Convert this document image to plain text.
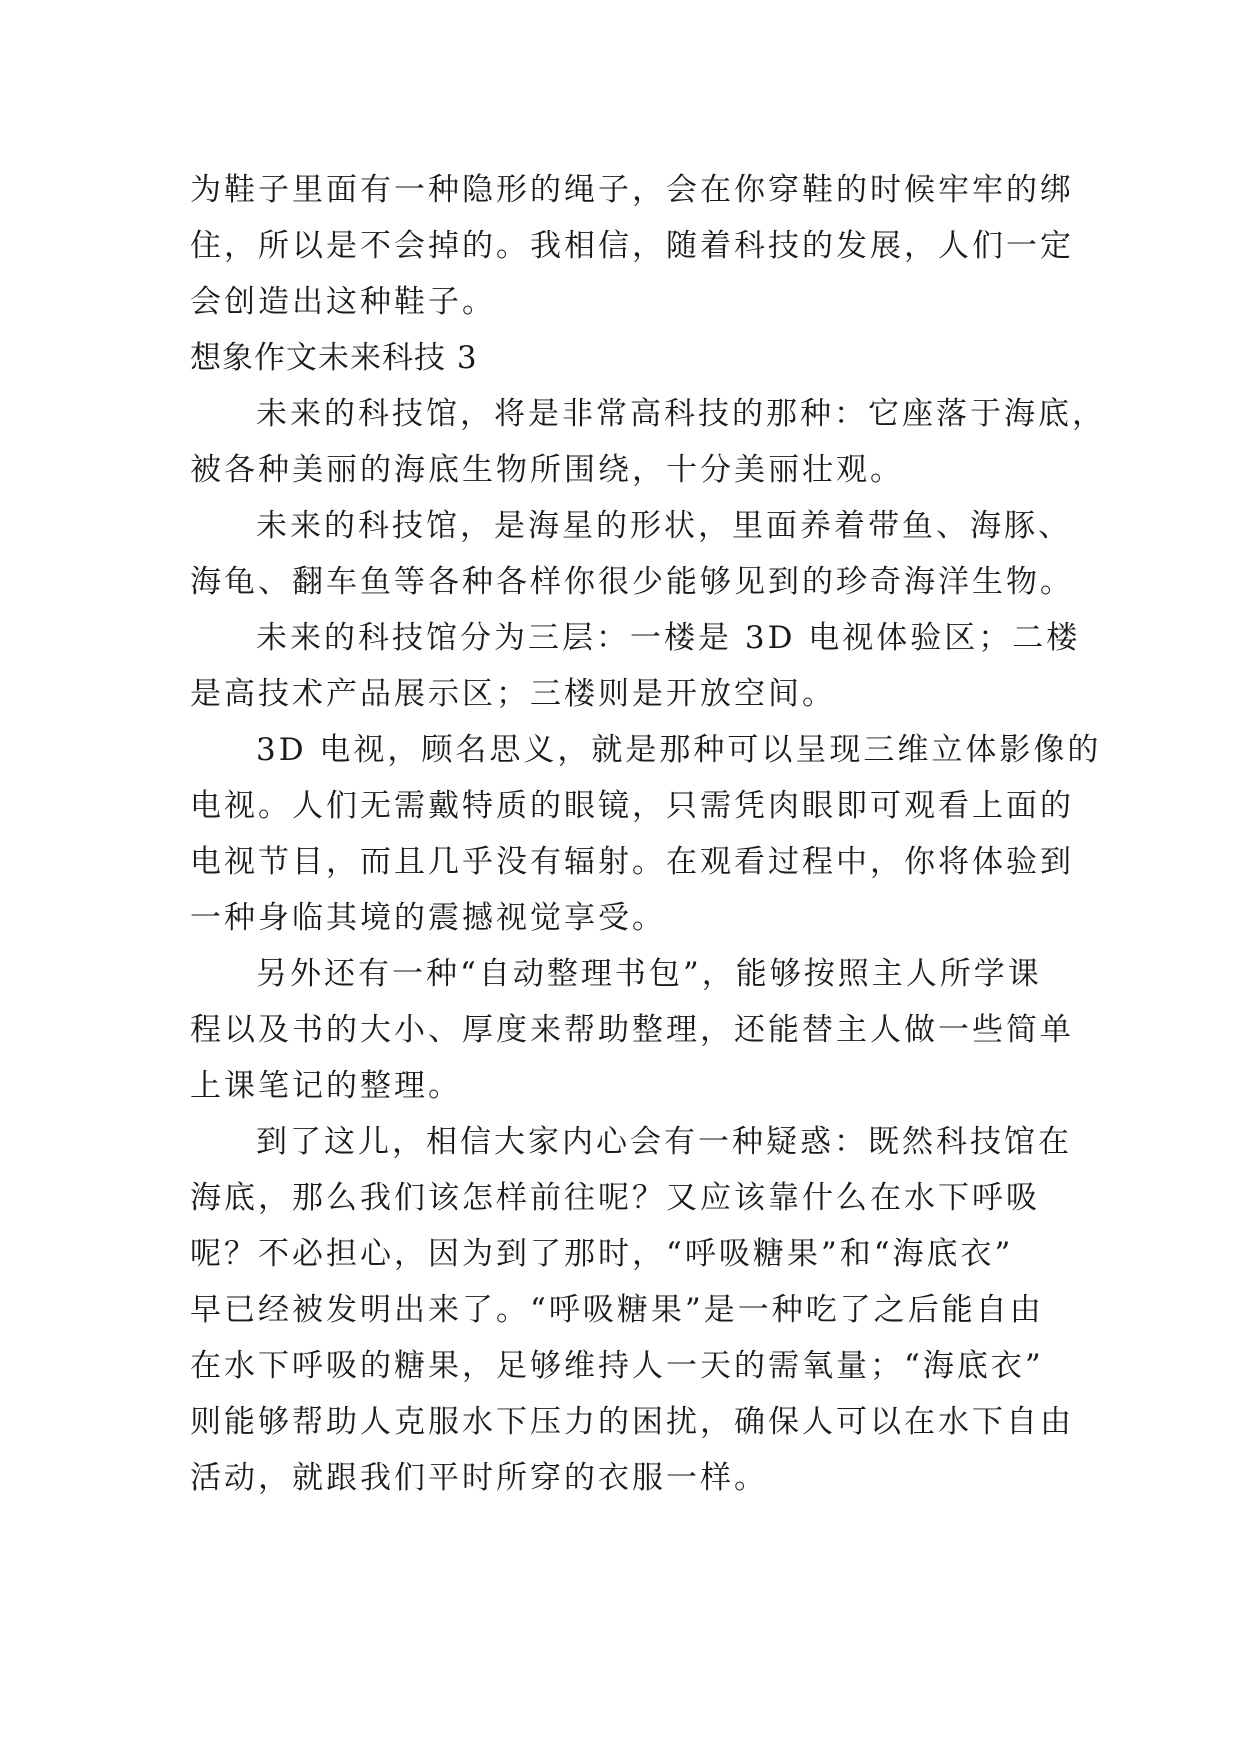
为鞋子里面有一种隐形的绳子，会在你穿鞋的时候牢牢的绑
住，所以是不会掉的。我相信，随着科技的发展，人们一定
会创造出这种鞋子。
想象作文未来科技 3
未来的科技馆，将是非常高科技的那种：它座落于海底，
被各种美丽的海底生物所围绕，十分美丽壮观。
未来的科技馆，是海星的形状，里面养着带鱼、海豚、
海龟、翻车鱼等各种各样你很少能够见到的珍奇海洋生物。
未来的科技馆分为三层：一楼是 3D 电视体验区；二楼
是高技术产品展示区；三楼则是开放空间。
3D 电视，顾名思义，就是那种可以呈现三维立体影像的
电视。人们无需戴特质的眼镜，只需凭肉眼即可观看上面的
电视节目，而且几乎没有辐射。在观看过程中，你将体验到
一种身临其境的震撼视觉享受。
另外还有一种“自动整理书包”，能够按照主人所学课
程以及书的大小、厚度来帮助整理，还能替主人做一些简单
上课笔记的整理。
到了这儿，相信大家内心会有一种疑惑：既然科技馆在
海底，那么我们该怎样前往呢？又应该靠什么在水下呼吸
呢？不必担心，因为到了那时，“呼吸糖果”和“海底衣”
早已经被发明出来了。“呼吸糖果”是一种吃了之后能自由
在水下呼吸的糖果，足够维持人一天的需氧量；“海底衣”
则能够帮助人克服水下压力的困扰，确保人可以在水下自由
活动，就跟我们平时所穿的衣服一样。
